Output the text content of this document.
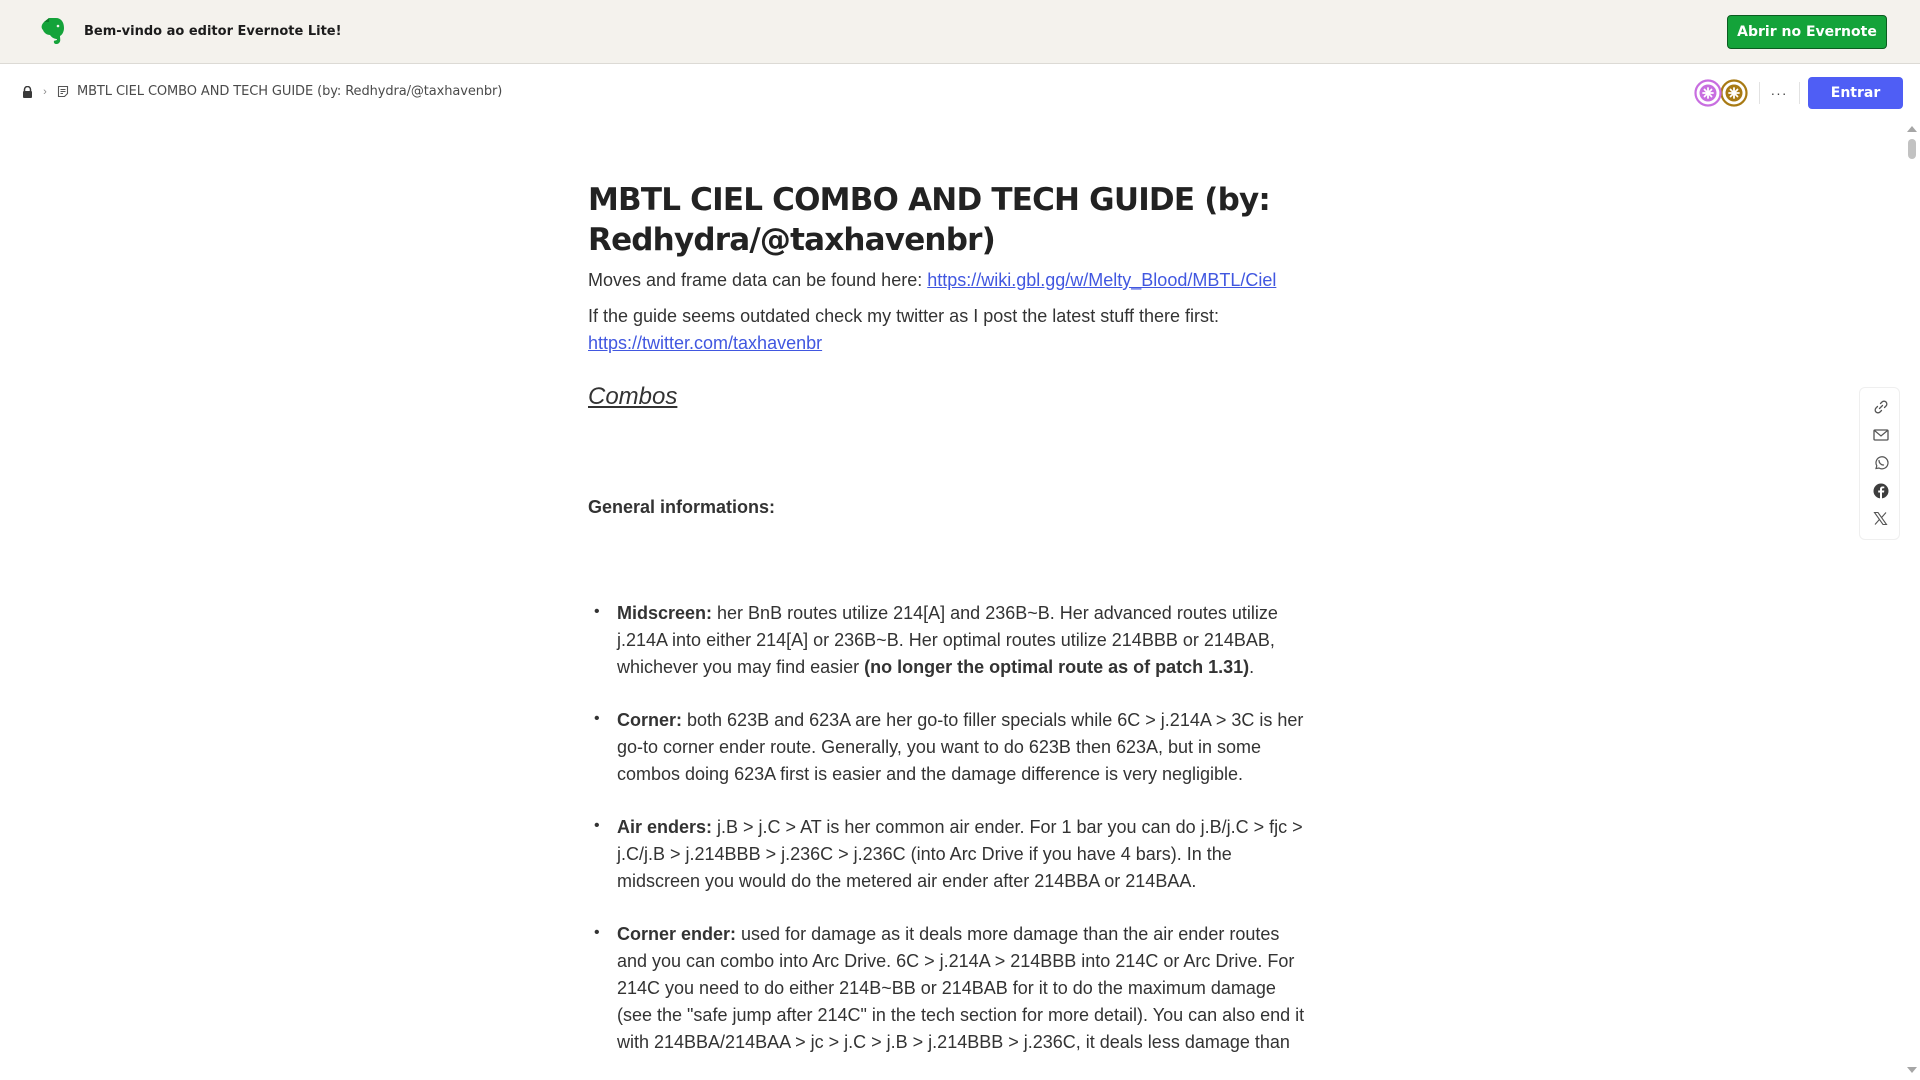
Bem-vindo ao editor Evernote Lite!	Abrir no Evernote
› MBTL CIEL COMBO AND TECH GUIDE (by: Redhydra/@taxhavenbr)	···	Entrar
MBTL CIEL COMBO AND TECH GUIDE (by: Redhydra/@taxhavenbr)

Moves and frame data can be found here: https://wiki.gbl.gg/w/Melty_Blood/MBTL/Ciel

If the guide seems outdated check my twitter as I post the latest stuff there first: https://twitter.com/taxhavenbr

Combos
General informations:
• Midscreen: her BnB routes utilize 214[A] and 236B~B. Her advanced routes utilize j.214A into either 214[A] or 236B~B. Her optimal routes utilize 214BBB or 214BAB, whichever you may find easier (no longer the optimal route as of patch 1.31).
• Corner: both 623B and 623A are her go-to filler specials while 6C > j.214A > 3C is her go-to corner ender route. Generally, you want to do 623B then 623A, but in some combos doing 623A first is easier and the damage difference is very negligible.
• Air enders: j.B > j.C > AT is her common air ender. For 1 bar you can do j.B/j.C > fjc > j.C/j.B > j.214BBB > j.236C > j.236C (into Arc Drive if you have 4 bars). In the midscreen you would do the metered air ender after 214BBA or 214BAA.
• Corner ender: used for damage as it deals more damage than the air ender routes and you can combo into Arc Drive. 6C > j.214A > 214BBB into 214C or Arc Drive. For 214C you need to do either 214B~BB or 214BAB for it to do the maximum damage (see the "safe jump after 214C" in the tech section for more detail). You can also end it with 214BBA/214BAA > jc > j.C > j.B > j.214BBB > j.236C, it deals less damage than
